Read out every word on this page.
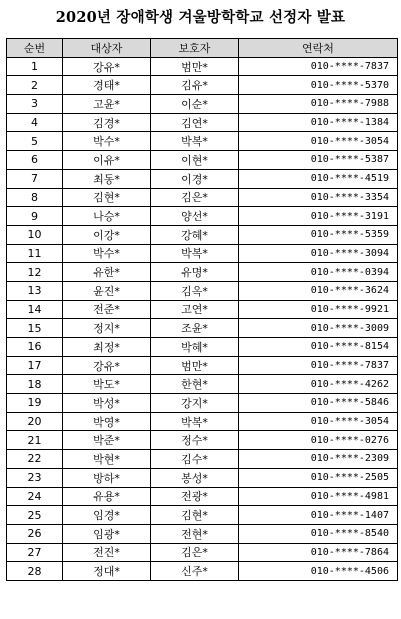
2020년 장애학생 겨울방학학교 선정자 발표
순번	대상자	보호자	연락처
1	강유*	범만*	010-****-7837
2	경태*	김유*	010-****-5370
3	고윤*	이순*	010-****-7988
4	김경*	김연*	010-****-1384
5	박수*	박복*	010-****-3054
6	이유*	이현*	010-****-5387
7	최동*	이경*	010-****-4519
8	김현*	김은*	010-****-3354
9	나승*	양선*	010-****-3191
10	이강*	강혜*	010-****-5359
11	박수*	박복*	010-****-3094
12	유한*	유명*	010-****-0394
13	윤진*	김옥*	010-****-3624
14	전준*	고연*	010-****-9921
15	정지*	조윤*	010-****-3009
16	최정*	박혜*	010-****-8154
17	강유*	범만*	010-****-7837
18	박도*	한현*	010-****-4262
19	박성*	강지*	010-****-5846
20	박영*	박복*	010-****-3054
21	박준*	정수*	010-****-0276
22	박현*	김수*	010-****-2309
23	방하*	봉성*	010-****-2505
24	유용*	전광*	010-****-4981
25	임경*	김현*	010-****-1407
26	임광*	전현*	010-****-8540
27	전진*	김은*	010-****-7864
28	정대*	신주*	010-****-4506
